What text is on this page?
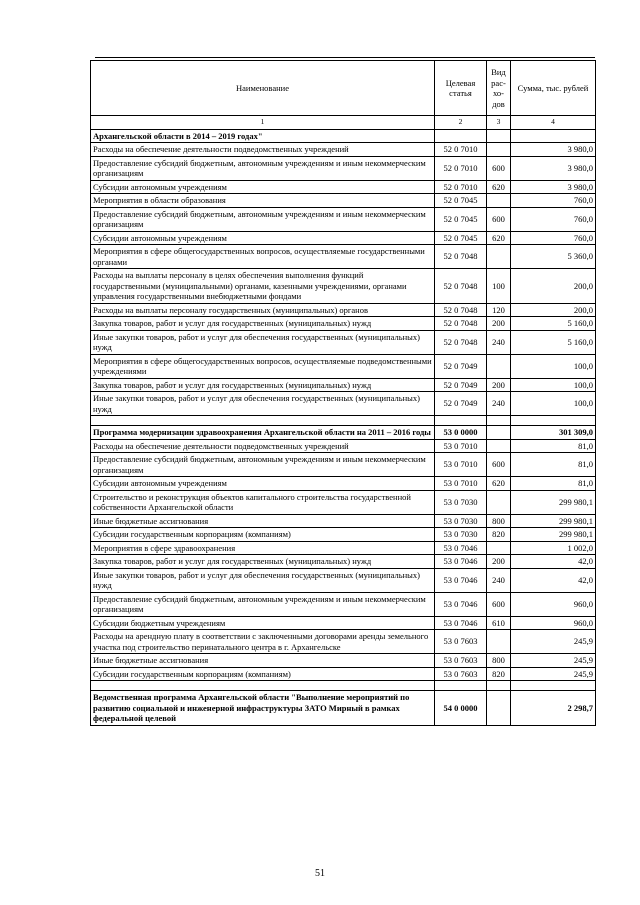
Наименование	Целевая статья	Вид рас- хо- дов	Сумма, тыс. рублей
1	2	3	4
Архангельской области в 2014 – 2019 годах"			
Расходы на обеспечение деятельности подведомственных учреждений	52 0 7010		3 980,0
Предоставление субсидий бюджетным, автономным учреждениям и иным некоммерческим организациям	52 0 7010	600	3 980,0
Субсидии автономным учреждениям	52 0 7010	620	3 980,0
Мероприятия в области образования	52 0 7045		760,0
Предоставление субсидий бюджетным, автономным учреждениям и иным некоммерческим организациям	52 0 7045	600	760,0
Субсидии автономным учреждениям	52 0 7045	620	760,0
Мероприятия в сфере общегосударственных вопросов, осуществляемые государственными органами	52 0 7048		5 360,0
Расходы на выплаты персоналу в целях обеспечения выполнения функций государственными (муниципальными) органами, казенными учреждениями, органами управления государственными внебюджетными фондами	52 0 7048	100	200,0
Расходы на выплаты персоналу государственных (муниципальных) органов	52 0 7048	120	200,0
Закупка товаров, работ и услуг для государственных (муниципальных) нужд	52 0 7048	200	5 160,0
Иные закупки товаров, работ и услуг для обеспечения государственных (муниципальных) нужд	52 0 7048	240	5 160,0
Мероприятия в сфере общегосударственных вопросов, осуществляемые подведомственными учреждениями	52 0 7049		100,0
Закупка товаров, работ и услуг для государственных (муниципальных) нужд	52 0 7049	200	100,0
Иные закупки товаров, работ и услуг для обеспечения государственных (муниципальных) нужд	52 0 7049	240	100,0

Программа модернизации здравоохранения Архангельской области на 2011 – 2016 годы	53 0 0000		301 309,0
Расходы на обеспечение деятельности подведомственных учреждений	53 0 7010		81,0
Предоставление субсидий бюджетным, автономным учреждениям и иным некоммерческим организациям	53 0 7010	600	81,0
Субсидии автономным учреждениям	53 0 7010	620	81,0
Строительство и реконструкция объектов капитального строительства государственной собственности Архангельской области	53 0 7030		299 980,1
Иные бюджетные ассигнования	53 0 7030	800	299 980,1
Субсидии государственным корпорациям (компаниям)	53 0 7030	820	299 980,1
Мероприятия в сфере здравоохранения	53 0 7046		1 002,0
Закупка товаров, работ и услуг для государственных (муниципальных) нужд	53 0 7046	200	42,0
Иные закупки товаров, работ и услуг для обеспечения государственных (муниципальных) нужд	53 0 7046	240	42,0
Предоставление субсидий бюджетным, автономным учреждениям и иным некоммерческим организациям	53 0 7046	600	960,0
Субсидии бюджетным учреждениям	53 0 7046	610	960,0
Расходы на арендную плату в соответствии с заключенными договорами аренды земельного участка под строительство перинатального центра в г. Архангельске	53 0 7603		245,9
Иные бюджетные ассигнования	53 0 7603	800	245,9
Субсидии государственным корпорациям (компаниям)	53 0 7603	820	245,9

Ведомственная программа Архангельской области "Выполнение мероприятий по развитию социальной и инженерной инфраструктуры ЗАТО Мирный в рамках федеральной целевой	54 0 0000		2 298,7
51
